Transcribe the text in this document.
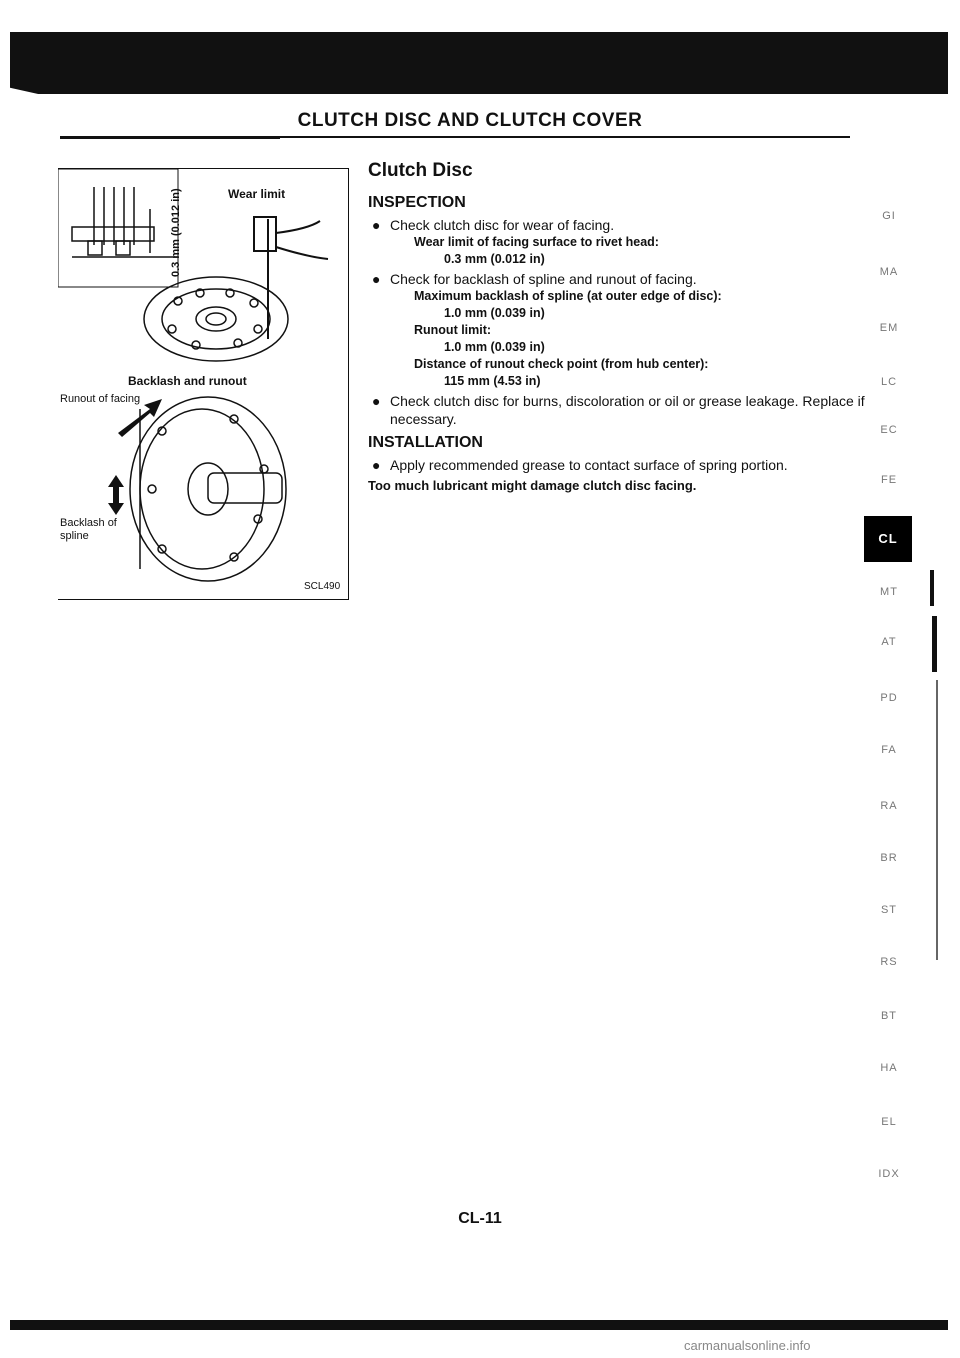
CLUTCH DISC AND CLUTCH COVER
Wear limit
0.3 mm (0.012 in)
Backlash and runout
Runout of facing
Backlash of
spline
SCL490
Clutch Disc
INSPECTION
● Check clutch disc for wear of facing.
Wear limit of facing surface to rivet head:
0.3 mm (0.012 in)
● Check for backlash of spline and runout of facing.
Maximum backlash of spline (at outer edge of disc):
1.0 mm (0.039 in)
Runout limit:
1.0 mm (0.039 in)
Distance of runout check point (from hub center):
115 mm (4.53 in)
● Check clutch disc for burns, discoloration or oil or grease leakage. Replace if necessary.
INSTALLATION
● Apply recommended grease to contact surface of spring portion.
Too much lubricant might damage clutch disc facing.
GI
MA
EM
LC
EC
FE
CL
MT
AT
PD
FA
RA
BR
ST
RS
BT
HA
EL
IDX
CL-11
carmanualsonline.info
